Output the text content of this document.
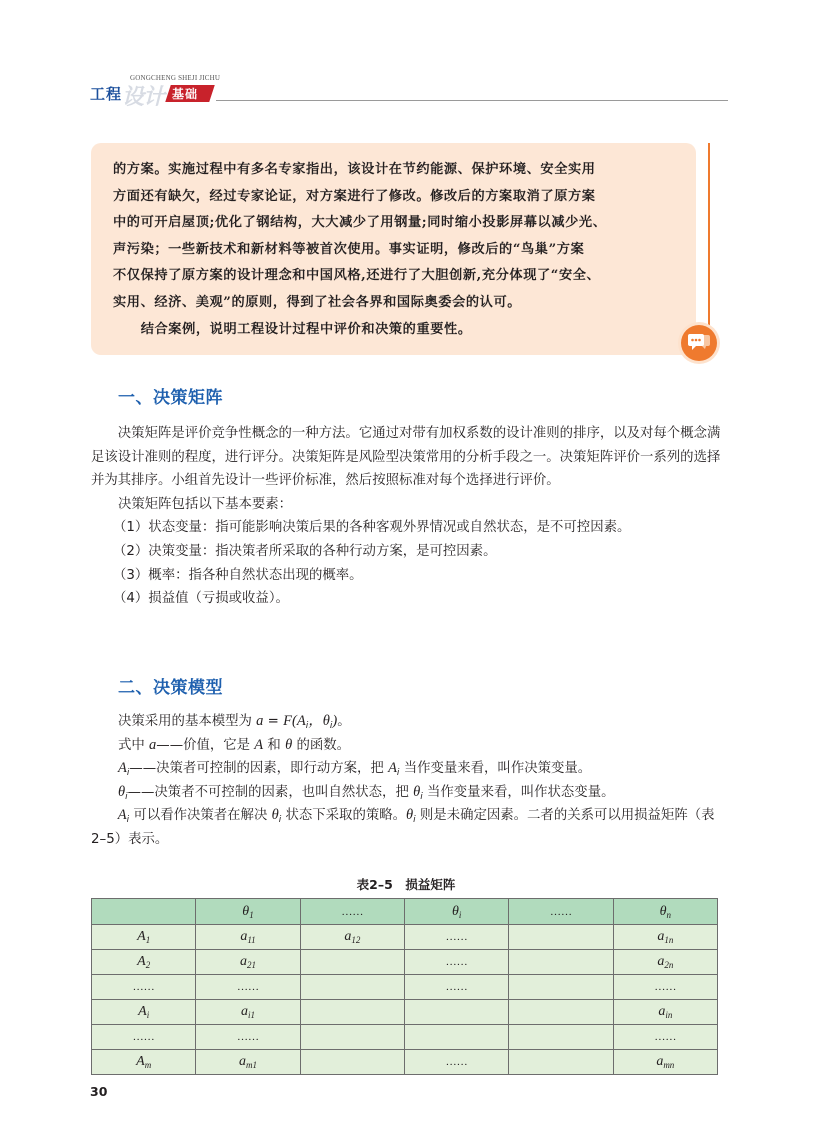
设计
工程
GONGCHENG SHEJI JICHU
基础

的方案。实施过程中有多名专家指出，该设计在节约能源、保护环境、安全实用

方面还有缺欠，经过专家论证，对方案进行了修改。修改后的方案取消了原方案

中的可开启屋顶;优化了钢结构，大大减少了用钢量;同时缩小投影屏幕以减少光、

声污染；一些新技术和新材料等被首次使用。事实证明，修改后的“鸟巢”方案

不仅保持了原方案的设计理念和中国风格,还进行了大胆创新,充分体现了“安全、

实用、经济、美观”的原则，得到了社会各界和国际奥委会的认可。

结合案例，说明工程设计过程中评价和决策的重要性。

一、决策矩阵

决策矩阵是评价竞争性概念的一种方法。它通过对带有加权系数的设计准则的排序，以及对每个概念满足该设计准则的程度，进行评分。决策矩阵是风险型决策常用的分析手段之一。决策矩阵评价一系列的选择并为其排序。小组首先设计一些评价标准，然后按照标准对每个选择进行评价。

决策矩阵包括以下基本要素：

（1）状态变量：指可能影响决策后果的各种客观外界情况或自然状态，是不可控因素。

（2）决策变量：指决策者所采取的各种行动方案，是可控因素。

（3）概率：指各种自然状态出现的概率。

（4）损益值（亏损或收益）。

二、决策模型

决策采用的基本模型为 $a = F(A_i$，$\theta_i$)。

式中 a——价值，它是 A 和 θ 的函数。

$A_i——$决策者可控制的因素，即行动方案，把 $A_i$ 当作变量来看，叫作决策变量。

$\theta_i——$决策者不可控制的因素，也叫自然状态，把 $\theta_i$ 当作变量来看，叫作状态变量。

$A_i$ 可以看作决策者在解决 $\theta_i$ 状态下采取的策略。$\theta_i$ 则是未确定因素。二者的关系可以用损益矩阵（表 2–5）表示。

表2–5　损益矩阵
	$\theta_1$	……	$\theta_i$	……	$\theta_n$
$A_1$	$a_{11}$	$a_{12}$	……		$a_{1n}$
$A_2$	$a_{21}$		……		$a_{2n}$
……	……		……		……
$A_i$	$a_{i1}$				$a_{in}$
……	……				……
$A_m$	$a_{m1}$		……		$a_{mn}$
30
